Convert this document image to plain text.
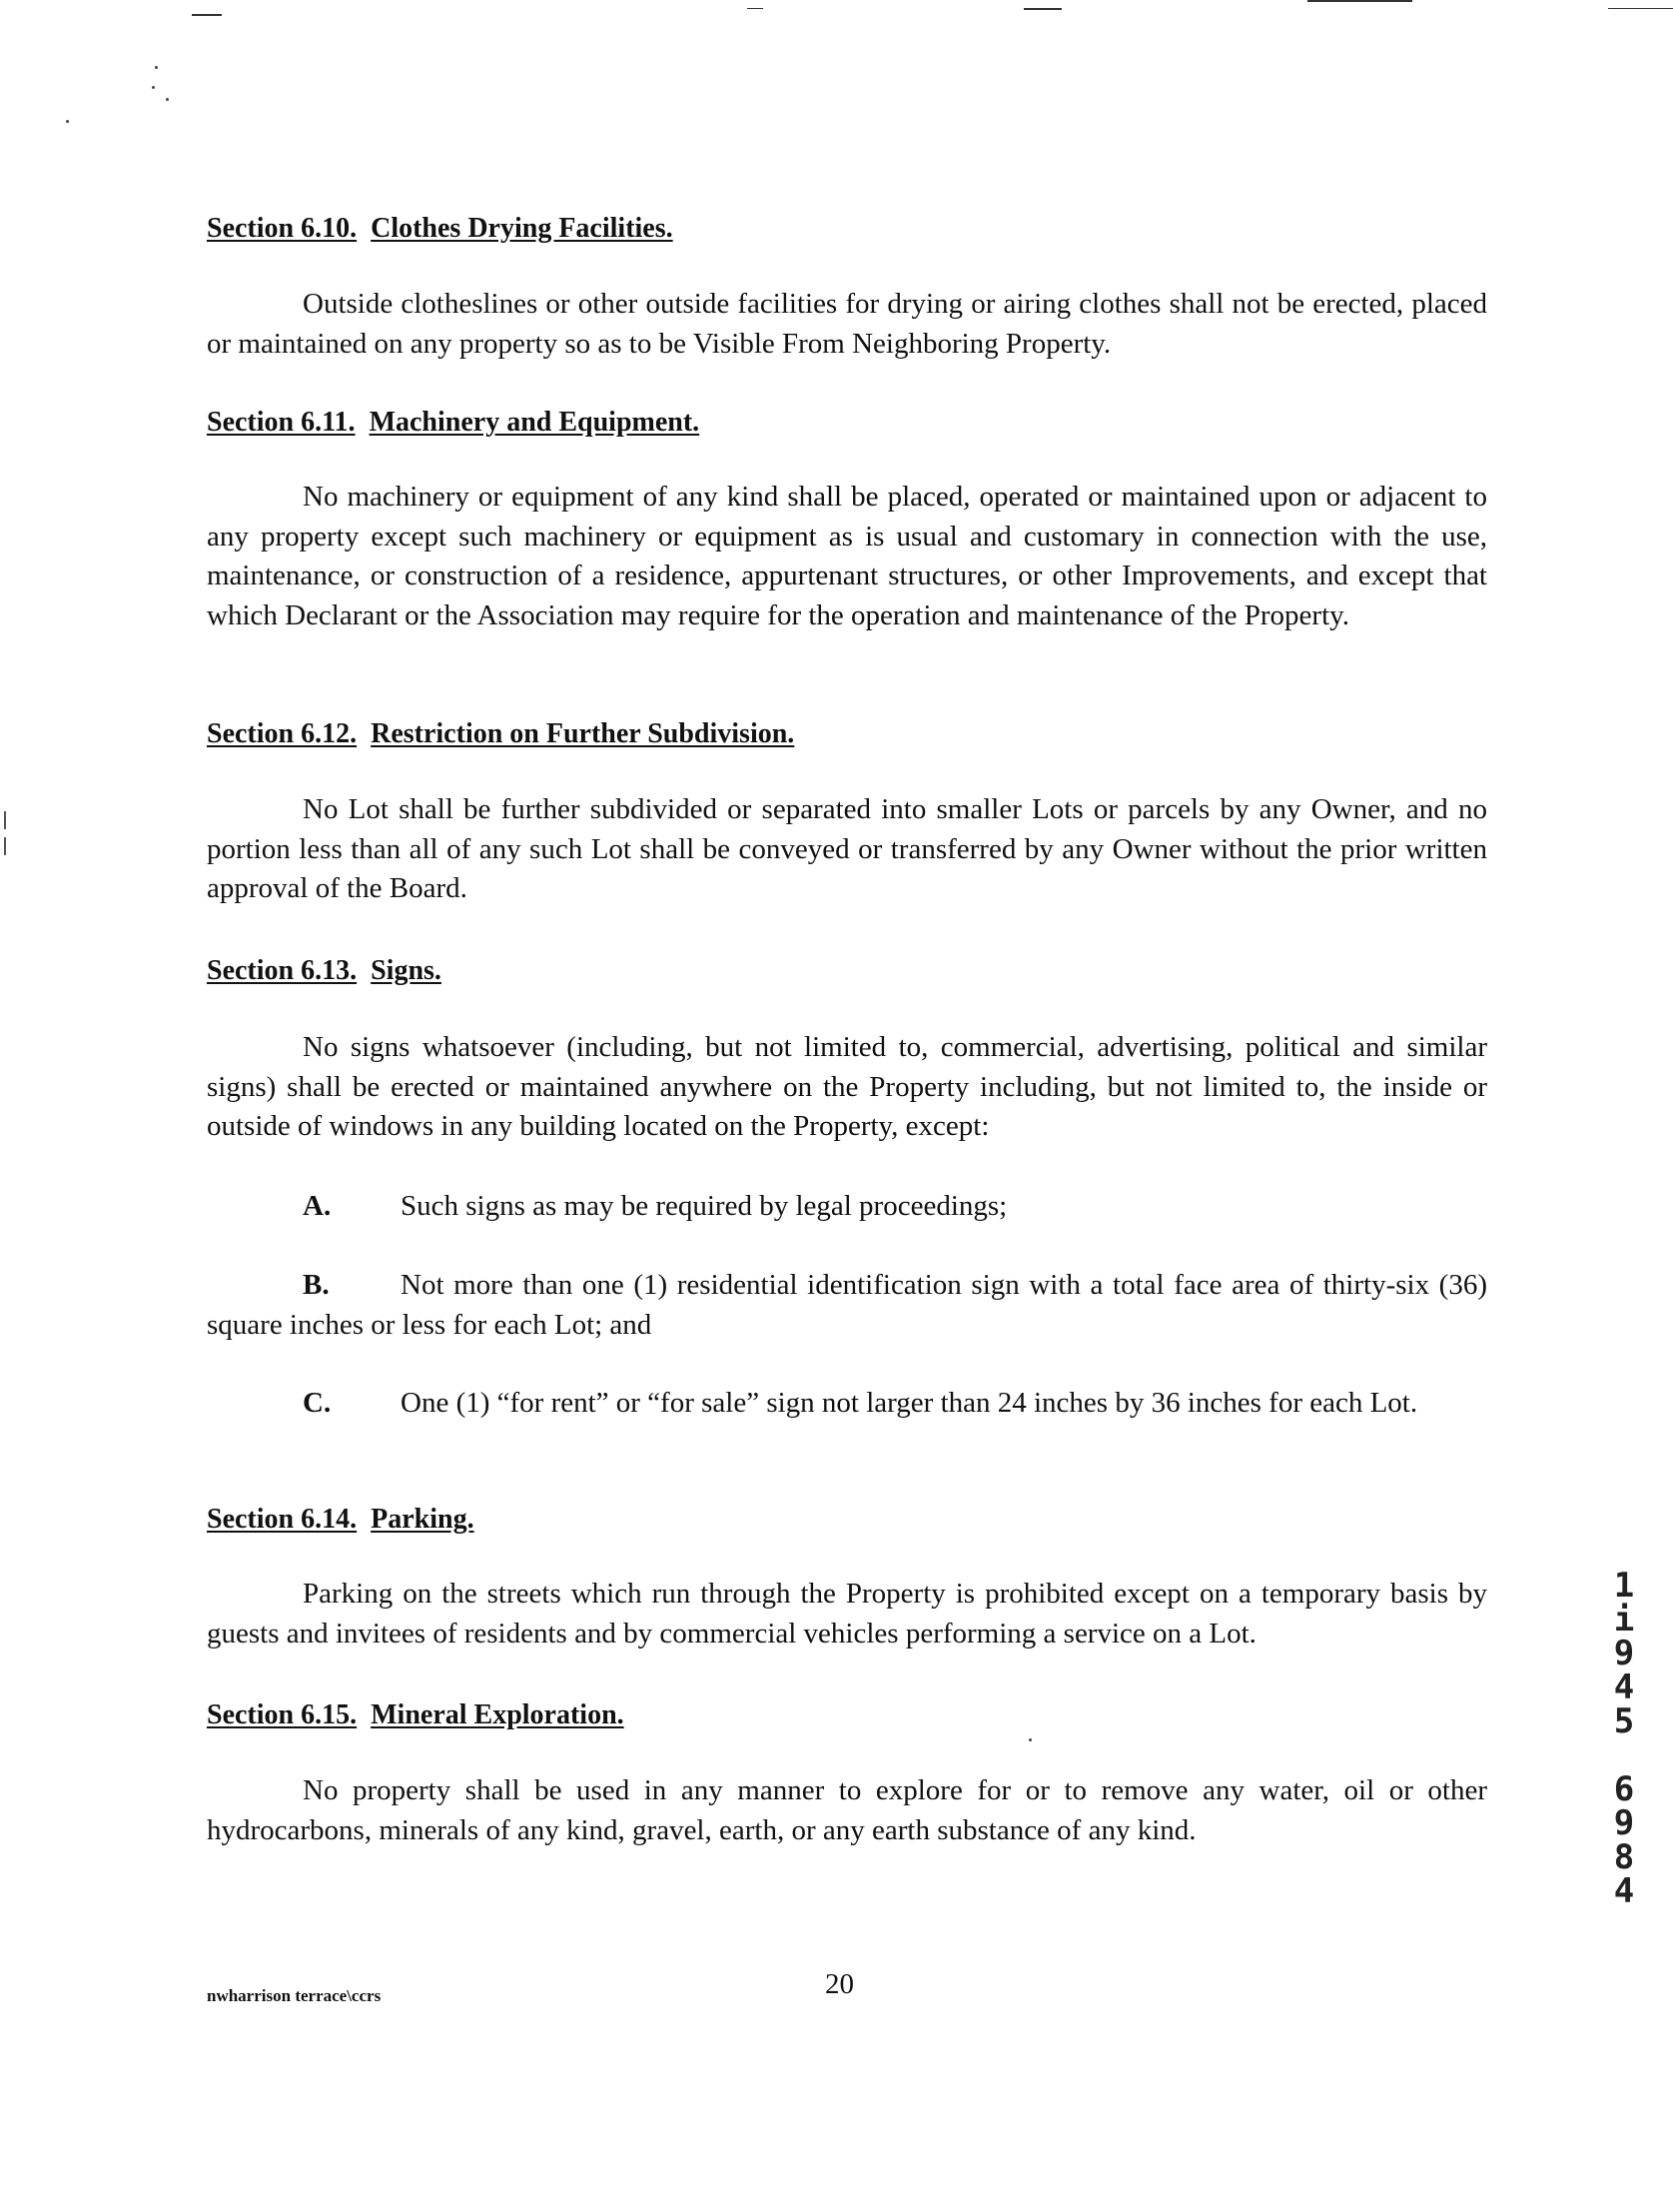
Section 6.10. Clothes Drying Facilities.

Outside clotheslines or other outside facilities for drying or airing clothes shall not be erected, placed or maintained on any property so as to be Visible From Neighboring Property.

Section 6.11. Machinery and Equipment.

No machinery or equipment of any kind shall be placed, operated or maintained upon or adjacent to any property except such machinery or equipment as is usual and customary in connection with the use, maintenance, or construction of a residence, appurtenant structures, or other Improvements, and except that which Declarant or the Association may require for the operation and maintenance of the Property.

Section 6.12. Restriction on Further Subdivision.

No Lot shall be further subdivided or separated into smaller Lots or parcels by any Owner, and no portion less than all of any such Lot shall be conveyed or transferred by any Owner without the prior written approval of the Board.

Section 6.13. Signs.

No signs whatsoever (including, but not limited to, commercial, advertising, political and similar signs) shall be erected or maintained anywhere on the Property including, but not limited to, the inside or outside of windows in any building located on the Property, except:

A. Such signs as may be required by legal proceedings;

B. Not more than one (1) residential identification sign with a total face area of thirty-six (36) square inches or less for each Lot; and

C. One (1) “for rent” or “for sale” sign not larger than 24 inches by 36 inches for each Lot.

Section 6.14. Parking.

Parking on the streets which run through the Property is prohibited except on a temporary basis by guests and invitees of residents and by commercial vehicles performing a service on a Lot.

Section 6.15. Mineral Exploration.

No property shall be used in any manner to explore for or to remove any water, oil or other hydrocarbons, minerals of any kind, gravel, earth, or any earth substance of any kind.

nwharrison terrace\ccrs	20
1
i
9
4
5
6
9
8
4
